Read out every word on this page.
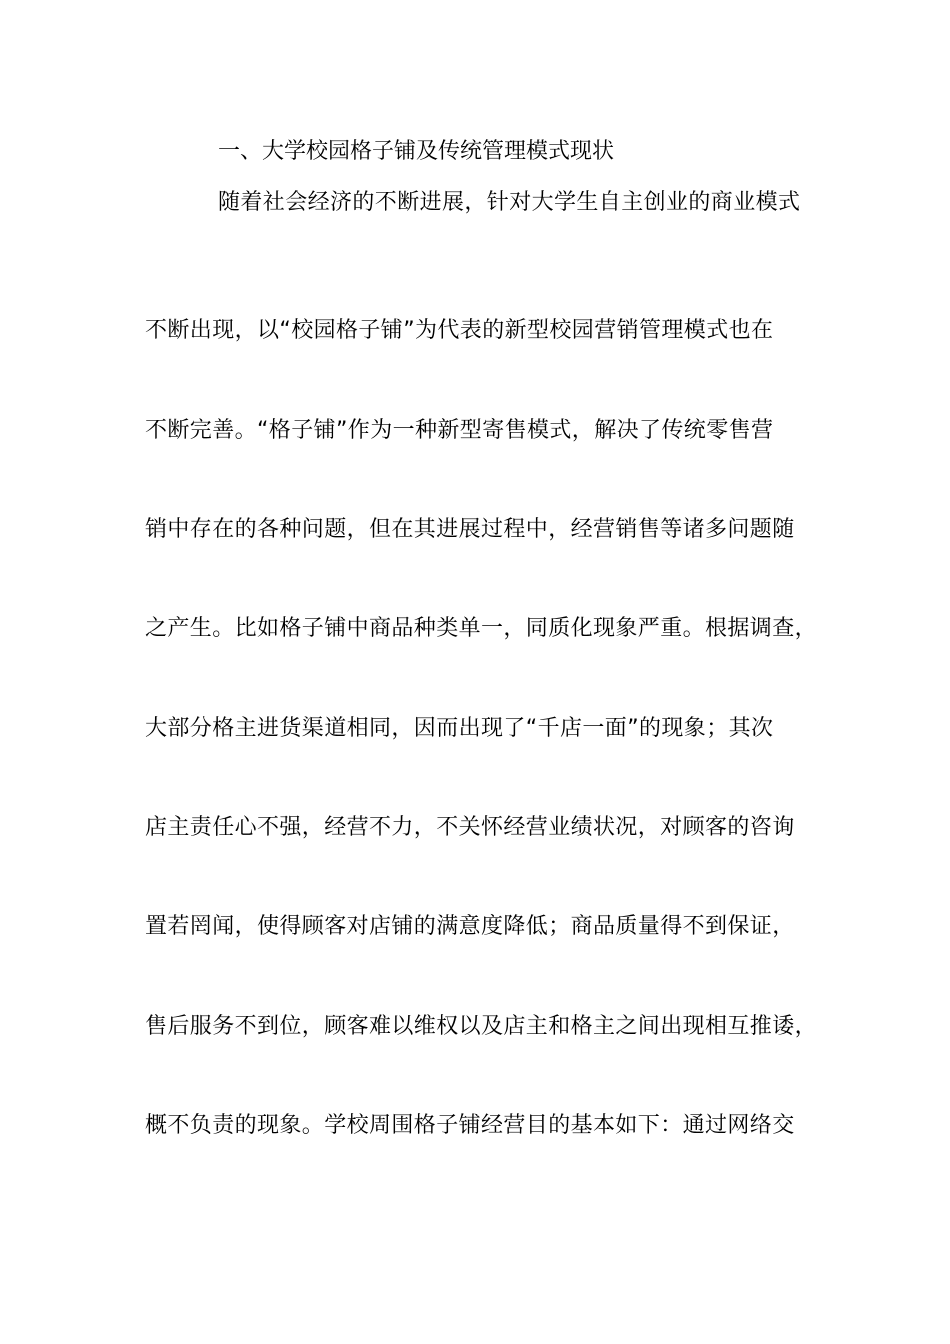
一、大学校园格子铺及传统管理模式现状
随着社会经济的不断进展，针对大学生自主创业的商业模式
不断出现，以“校园格子铺”为代表的新型校园营销管理模式也在
不断完善。“格子铺”作为一种新型寄售模式，解决了传统零售营
销中存在的各种问题，但在其进展过程中，经营销售等诸多问题随
之产生。比如格子铺中商品种类单一，同质化现象严重。根据调查，
大部分格主进货渠道相同，因而出现了“千店一面”的现象；其次
店主责任心不强，经营不力，不关怀经营业绩状况，对顾客的咨询
置若罔闻，使得顾客对店铺的满意度降低；商品质量得不到保证，
售后服务不到位，顾客难以维权以及店主和格主之间出现相互推诿，
概不负责的现象。学校周围格子铺经营目的基本如下：通过网络交
